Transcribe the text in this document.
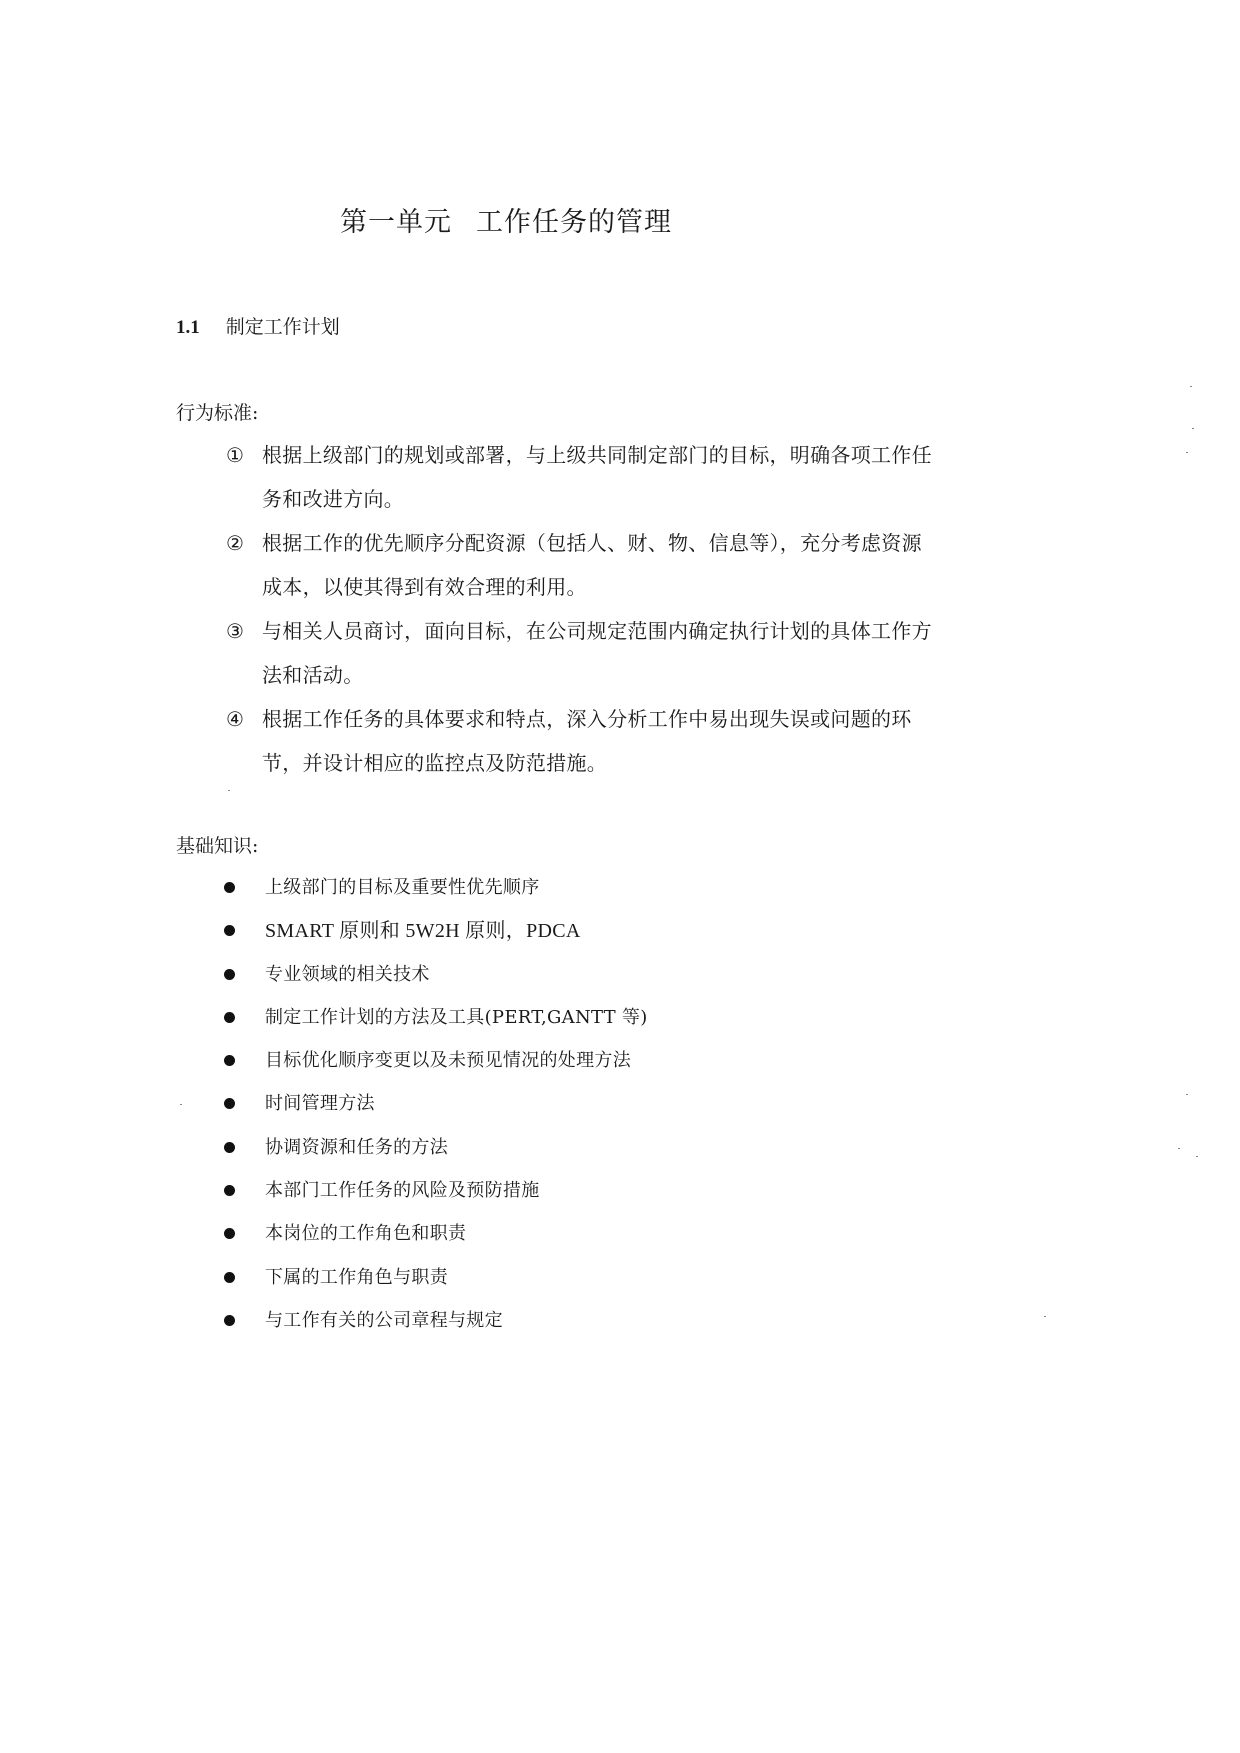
第一单元 工作任务的管理
1.1 制定工作计划
行为标准:
① 根据上级部门的规划或部署，与上级共同制定部门的目标，明确各项工作任
务和改进方向。
② 根据工作的优先顺序分配资源（包括人、财、物、信息等），充分考虑资源
成本，以使其得到有效合理的利用。
③ 与相关人员商讨，面向目标，在公司规定范围内确定执行计划的具体工作方
法和活动。
④ 根据工作任务的具体要求和特点，深入分析工作中易出现失误或问题的环
节，并设计相应的监控点及防范措施。
基础知识:
上级部门的目标及重要性优先顺序
SMART 原则和 5W2H 原则，PDCA
专业领域的相关技术
制定工作计划的方法及工具(PERT,GANTT 等)
目标优化顺序变更以及未预见情况的处理方法
时间管理方法
协调资源和任务的方法
本部门工作任务的风险及预防措施
本岗位的工作角色和职责
下属的工作角色与职责
与工作有关的公司章程与规定
